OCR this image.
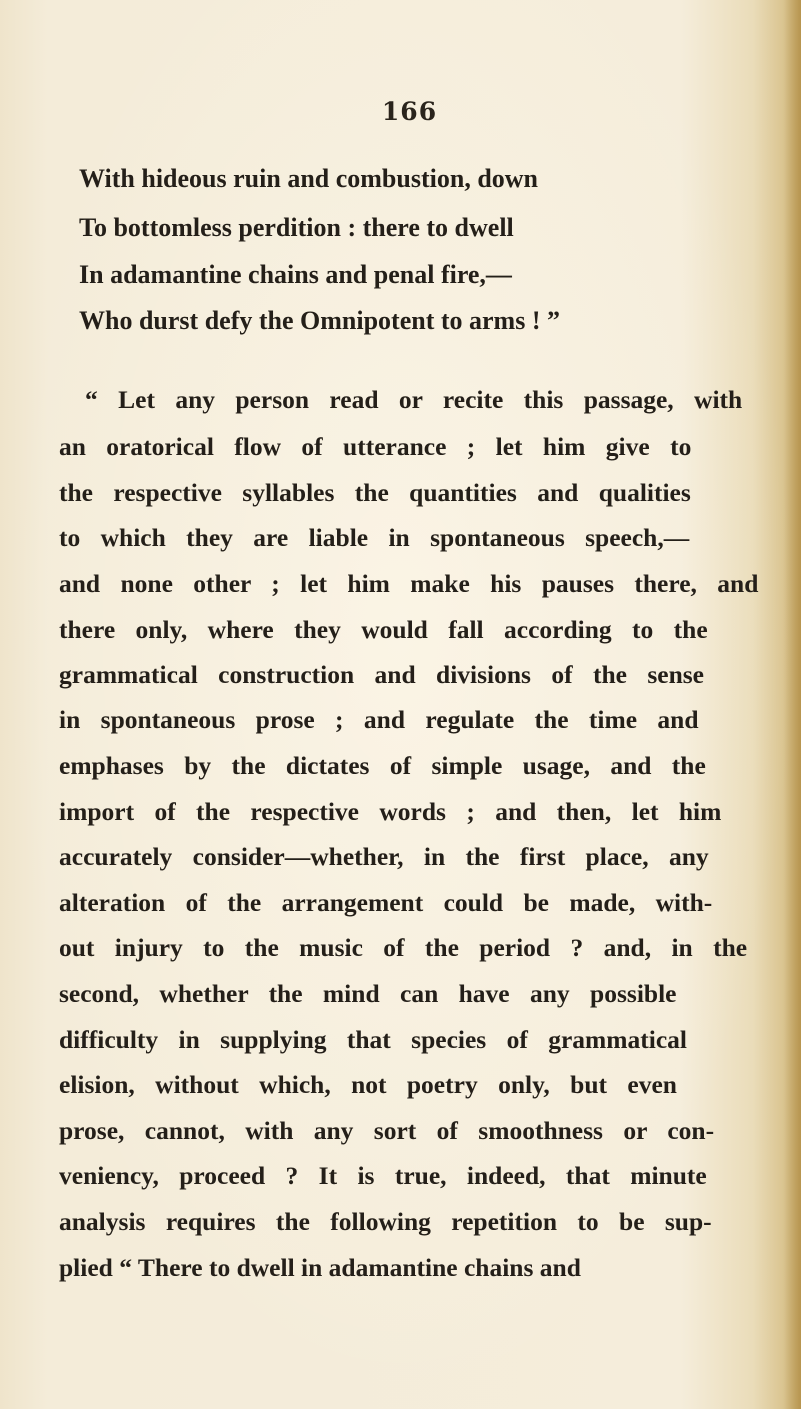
166
With hideous ruin and combustion, down
To bottomless perdition : there to dwell
In adamantine chains and penal fire,—
Who durst defy the Omnipotent to arms ! ”
“ Let any person read or recite this passage, with
an oratorical flow of utterance ; let him give to
the respective syllables the quantities and qualities
to which they are liable in spontaneous speech,—
and none other ; let him make his pauses there, and
there only, where they would fall according to the
grammatical construction and divisions of the sense
in spontaneous prose ; and regulate the time and
emphases by the dictates of simple usage, and the
import of the respective words ; and then, let him
accurately consider—whether, in the first place, any
alteration of the arrangement could be made, with-
out injury to the music of the period ? and, in the
second, whether the mind can have any possible
difficulty in supplying that species of grammatical
elision, without which, not poetry only, but even
prose, cannot, with any sort of smoothness or con-
veniency, proceed ? It is true, indeed, that minute
analysis requires the following repetition to be sup-
plied “ There to dwell in adamantine chains and
